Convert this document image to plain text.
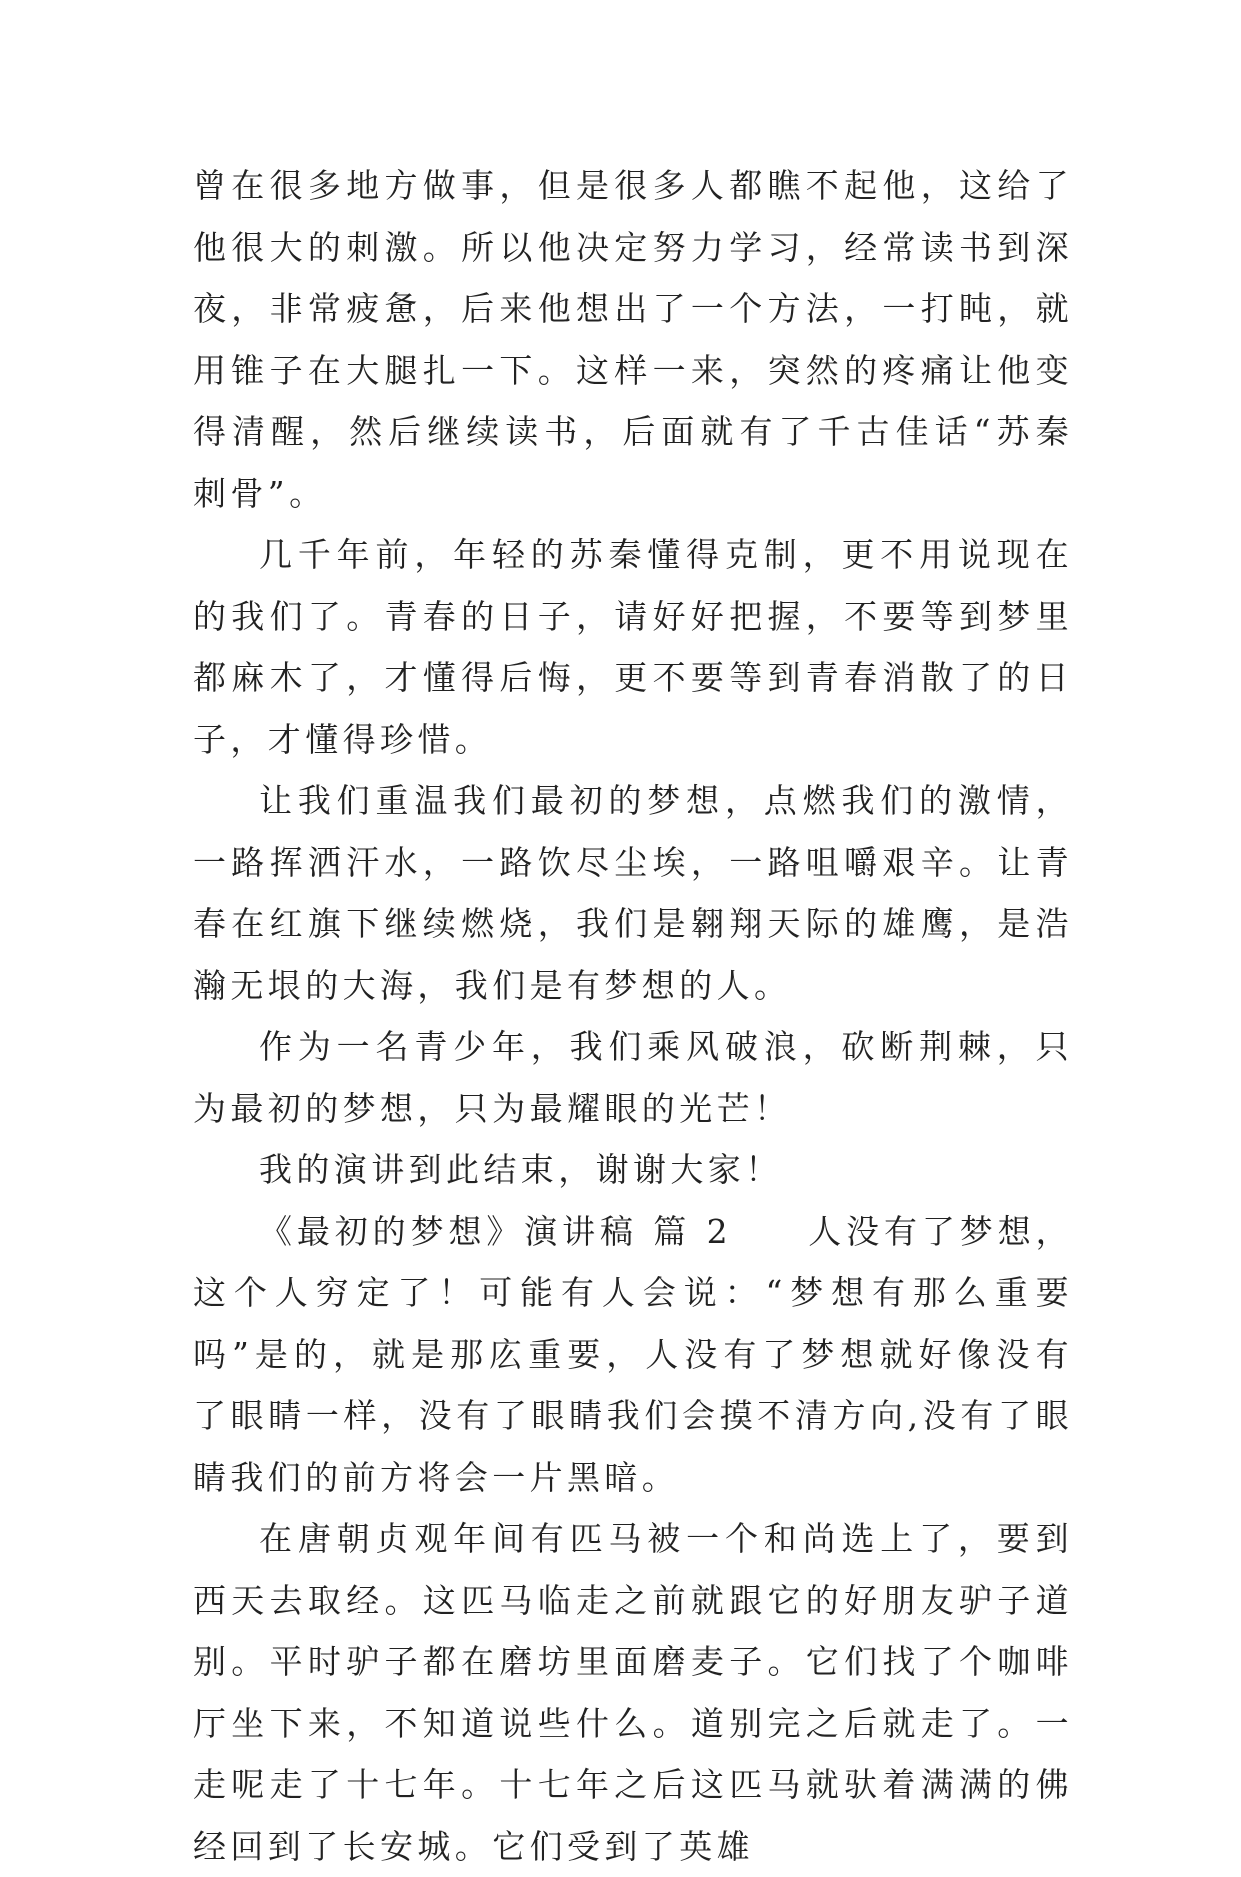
曾在很多地方做事，但是很多人都瞧不起他，这给了他很大的刺激。所以他决定努力学习，经常读书到深夜，非常疲惫，后来他想出了一个方法，一打盹，就用锥子在大腿扎一下。这样一来，突然的疼痛让他变得清醒，然后继续读书，后面就有了千古佳话“苏秦刺骨”。

几千年前，年轻的苏秦懂得克制，更不用说现在的我们了。青春的日子，请好好把握，不要等到梦里都麻木了，才懂得后悔，更不要等到青春消散了的日子，才懂得珍惜。

让我们重温我们最初的梦想，点燃我们的激情，一路挥洒汗水，一路饮尽尘埃，一路咀嚼艰辛。让青春在红旗下继续燃烧，我们是翱翔天际的雄鹰，是浩瀚无垠的大海，我们是有梦想的人。

作为一名青少年，我们乘风破浪，砍断荆棘，只为最初的梦想，只为最耀眼的光芒！

我的演讲到此结束，谢谢大家！

《最初的梦想》演讲稿 篇 2　　人没有了梦想，这个人穷定了！可能有人会说：“梦想有那么重要吗”是的，就是那庅重要，人没有了梦想就好像没有了眼睛一样，没有了眼睛我们会摸不清方向,没有了眼睛我们的前方将会一片黑暗。

在唐朝贞观年间有匹马被一个和尚选上了，要到西天去取经。这匹马临走之前就跟它的好朋友驴子道别。平时驴子都在磨坊里面磨麦子。它们找了个咖啡厅坐下来，不知道说些什么。道别完之后就走了。一走呢走了十七年。十七年之后这匹马就驮着满满的佛经回到了长安城。它们受到了英雄
